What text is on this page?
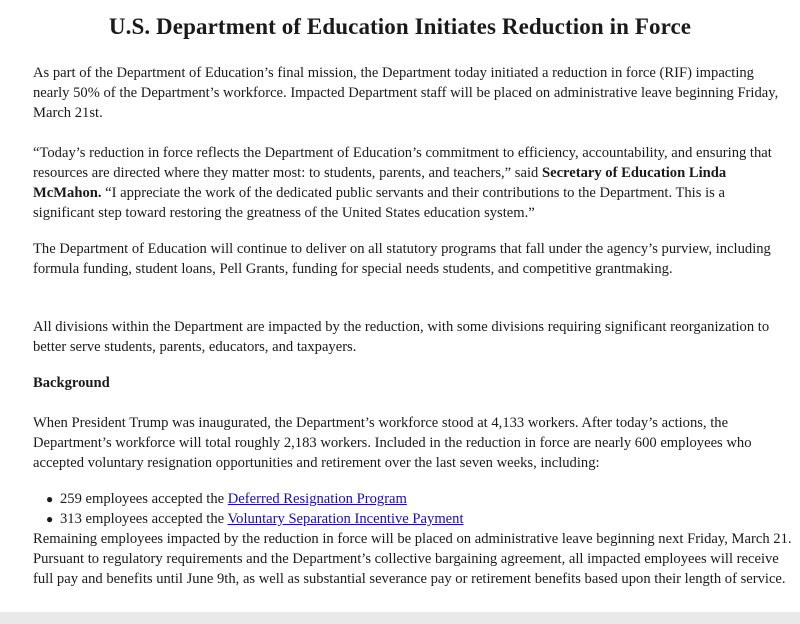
U.S. Department of Education Initiates Reduction in Force

As part of the Department of Education’s final mission, the Department today initiated a reduction in force (RIF) impacting nearly 50% of the Department’s workforce. Impacted Department staff will be placed on administrative leave beginning Friday, March 21st.

“Today’s reduction in force reflects the Department of Education’s commitment to efficiency, accountability, and ensuring that resources are directed where they matter most: to students, parents, and teachers,” said Secretary of Education Linda McMahon. “I appreciate the work of the dedicated public servants and their contributions to the Department. This is a significant step toward restoring the greatness of the United States education system.”

The Department of Education will continue to deliver on all statutory programs that fall under the agency’s purview, including formula funding, student loans, Pell Grants, funding for special needs students, and competitive grantmaking.

All divisions within the Department are impacted by the reduction, with some divisions requiring significant reorganization to better serve students, parents, educators, and taxpayers.

Background

When President Trump was inaugurated, the Department’s workforce stood at 4,133 workers. After today’s actions, the Department’s workforce will total roughly 2,183 workers. Included in the reduction in force are nearly 600 employees who accepted voluntary resignation opportunities and retirement over the last seven weeks, including:

● 259 employees accepted the Deferred Resignation Program
● 313 employees accepted the Voluntary Separation Incentive Payment

Remaining employees impacted by the reduction in force will be placed on administrative leave beginning next Friday, March 21. Pursuant to regulatory requirements and the Department’s collective bargaining agreement, all impacted employees will receive full pay and benefits until June 9th, as well as substantial severance pay or retirement benefits based upon their length of service.
